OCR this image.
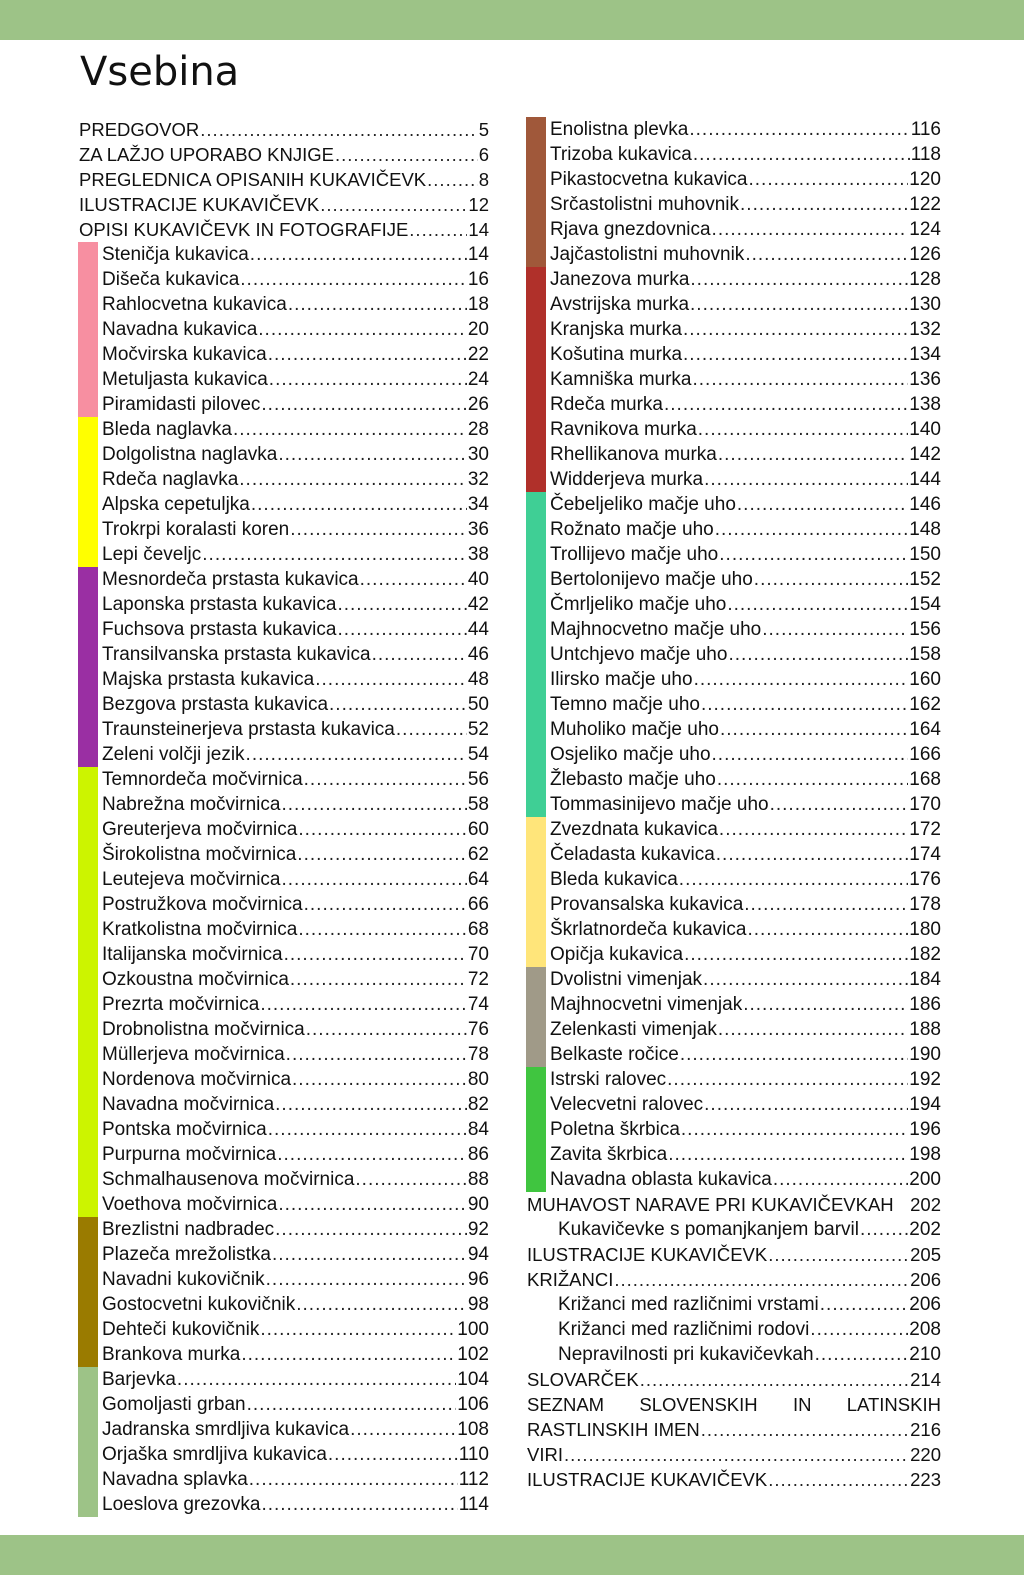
Vsebina
PREDGOVOR .....	5
ZA LAŽJO UPORABO KNJIGE .....	6
PREGLEDNICA OPISANIH KUKAVIČEVK .....	8
ILUSTRACIJE KUKAVIČEVK .....	12
OPISI KUKAVIČEVK IN FOTOGRAFIJE .....	14
Steničja kukavica .....	14
Dišeča kukavica .....	16
Rahlocvetna kukavica .....	18
Navadna kukavica .....	20
Močvirska kukavica .....	22
Metuljasta kukavica .....	24
Piramidasti pilovec .....	26
Bleda naglavka .....	28
Dolgolistna naglavka .....	30
Rdeča naglavka .....	32
Alpska cepetuljka .....	34
Trokrpi koralasti koren .....	36
Lepi čeveljc .....	38
Mesnordeča prstasta kukavica .....	40
Laponska prstasta kukavica .....	42
Fuchsova prstasta kukavica .....	44
Transilvanska prstasta kukavica .....	46
Majska prstasta kukavica .....	48
Bezgova prstasta kukavica .....	50
Traunsteinerjeva prstasta kukavica .....	52
Zeleni volčji jezik .....	54
Temnordeča močvirnica .....	56
Nabrežna močvirnica .....	58
Greuterjeva močvirnica .....	60
Širokolistna močvirnica .....	62
Leutejeva močvirnica .....	64
Postružkova močvirnica .....	66
Kratkolistna močvirnica .....	68
Italijanska močvirnica .....	70
Ozkoustna močvirnica .....	72
Prezrta močvirnica .....	74
Drobnolistna močvirnica .....	76
Müllerjeva močvirnica .....	78
Nordenova močvirnica .....	80
Navadna močvirnica .....	82
Pontska močvirnica .....	84
Purpurna močvirnica .....	86
Schmalhausenova močvirnica .....	88
Voethova močvirnica .....	90
Brezlistni nadbradec .....	92
Plazeča mrežolistka .....	94
Navadni kukovičnik .....	96
Gostocvetni kukovičnik .....	98
Dehteči kukovičnik .....	100
Brankova murka .....	102
Barjevka .....	104
Gomoljasti grban .....	106
Jadranska smrdljiva kukavica .....	108
Orjaška smrdljiva kukavica .....	110
Navadna splavka .....	112
Loeslova grezovka .....	114
Enolistna plevka .....	116
Trizoba kukavica .....	118
Pikastocvetna kukavica .....	120
Srčastolistni muhovnik .....	122
Rjava gnezdovnica .....	124
Jajčastolistni muhovnik .....	126
Janezova murka .....	128
Avstrijska murka .....	130
Kranjska murka .....	132
Košutina murka .....	134
Kamniška murka .....	136
Rdeča murka .....	138
Ravnikova murka .....	140
Rhellikanova murka .....	142
Widderjeva murka .....	144
Čebeljeliko mačje uho .....	146
Rožnato mačje uho .....	148
Trollijevo mačje uho .....	150
Bertolonijevo mačje uho .....	152
Čmrljeliko mačje uho .....	154
Majhnocvetno mačje uho .....	156
Untchjevo mačje uho .....	158
Ilirsko mačje uho .....	160
Temno mačje uho .....	162
Muholiko mačje uho .....	164
Osjeliko mačje uho .....	166
Žlebasto mačje uho .....	168
Tommasinijevo mačje uho .....	170
Zvezdnata kukavica .....	172
Čeladasta kukavica .....	174
Bleda kukavica .....	176
Provansalska kukavica .....	178
Škrlatnordeča kukavica .....	180
Opičja kukavica .....	182
Dvolistni vimenjak .....	184
Majhnocvetni vimenjak .....	186
Zelenkasti vimenjak .....	188
Belkaste ročice .....	190
Istrski ralovec .....	192
Velecvetni ralovec .....	194
Poletna škrbica .....	196
Zavita škrbica .....	198
Navadna oblasta kukavica .....	200
MUHAVOST NARAVE PRI KUKAVIČEVKAH 202
Kukavičevke s pomanjkanjem barvil .....	202
ILUSTRACIJE KUKAVIČEVK .....	205
KRIŽANCI .....	206
Križanci med različnimi vrstami .....	206
Križanci med različnimi rodovi .....	208
Nepravilnosti pri kukavičevkah .....	210
SLOVARČEK .....	214
SEZNAM SLOVENSKIH IN LATINSKIH
RASTLINSKIH IMEN .....	216
VIRI .....	220
ILUSTRACIJE KUKAVIČEVK .....	223
